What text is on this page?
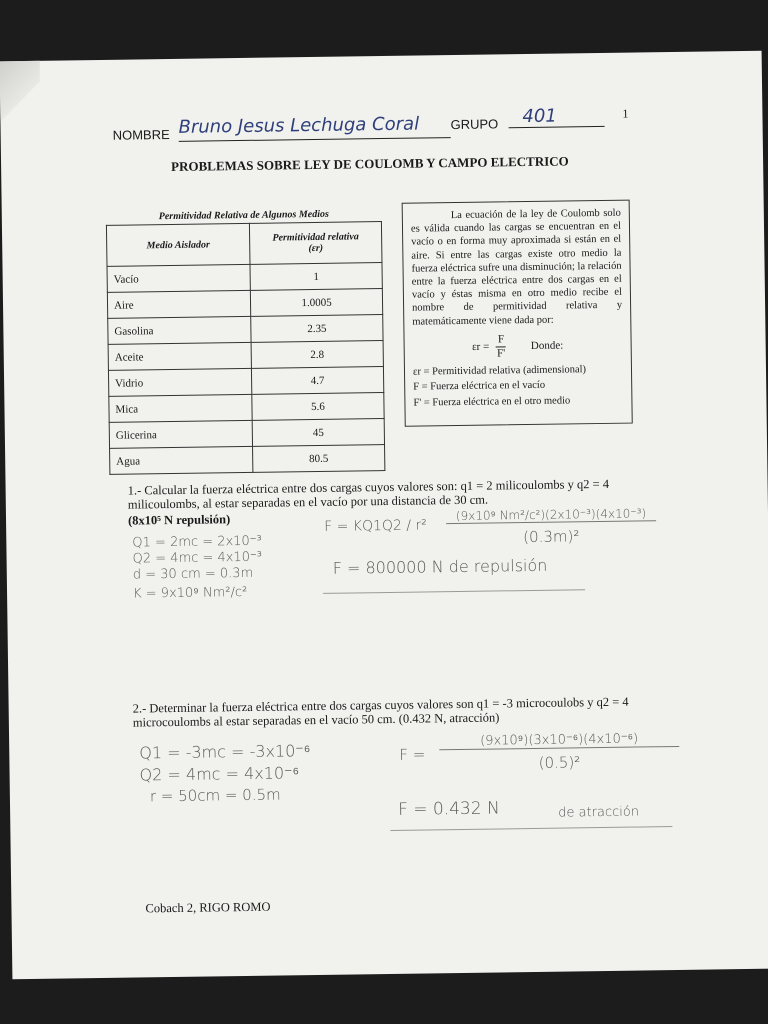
NOMBRE Bruno Jesus Lechuga Coral	GRUPO	401	1
PROBLEMAS SOBRE LEY DE COULOMB Y CAMPO ELECTRICO
Permitividad Relativa de Algunos Medios
Medio Aislador	Permitividad relativa
(εr)
Vacío	1
Aire	1.0005
Gasolina	2.35
Aceite	2.8
Vidrio	4.7
Mica	5.6
Glicerina	45
Agua	80.5
La ecuación de la ley de Coulomb solo es válida cuando las cargas se encuentran en el vacío o en forma muy aproximada si están en el aire. Si entre las cargas existe otro medio la fuerza eléctrica sufre una disminución; la relación entre la fuerza eléctrica entre dos cargas en el vacío y éstas misma en otro medio recibe el nombre de permitividad relativa y matemáticamente viene dada por:
$\varepsilon r = \frac{F}{F'}$ Donde:
εr = Permitividad relativa (adimensional)
F = Fuerza eléctrica en el vacío
F' = Fuerza eléctrica en el otro medio
1.- Calcular la fuerza eléctrica entre dos cargas cuyos valores son: q1 = 2 milicoulombs y q2 = 4 milicoulombs, al estar separadas en el vacío por una distancia de 30 cm.
(8x10⁵ N repulsión)
Q1 = 2mc = 2x10⁻³
Q2 = 4mc = 4x10⁻³
d = 30 cm = 0.3m
K = 9x10⁹ Nm²/c²
F = KQ1Q2 / r²
(9x10⁹ Nm²/c²)(2x10⁻³)(4x10⁻³)
(0.3m)²
F = 800000 N de repulsión
2.- Determinar la fuerza eléctrica entre dos cargas cuyos valores son q1 = -3 microcoulobs y q2 = 4 microcoulombs al estar separadas en el vacío 50 cm. (0.432 N, atracción)
Q1 = -3mc = -3x10⁻⁶
Q2 = 4mc = 4x10⁻⁶
r = 50cm = 0.5m
F =
(9x10⁹)(3x10⁻⁶)(4x10⁻⁶)
(0.5)²
F = 0.432 N	de atracción
Cobach 2, RIGO ROMO
